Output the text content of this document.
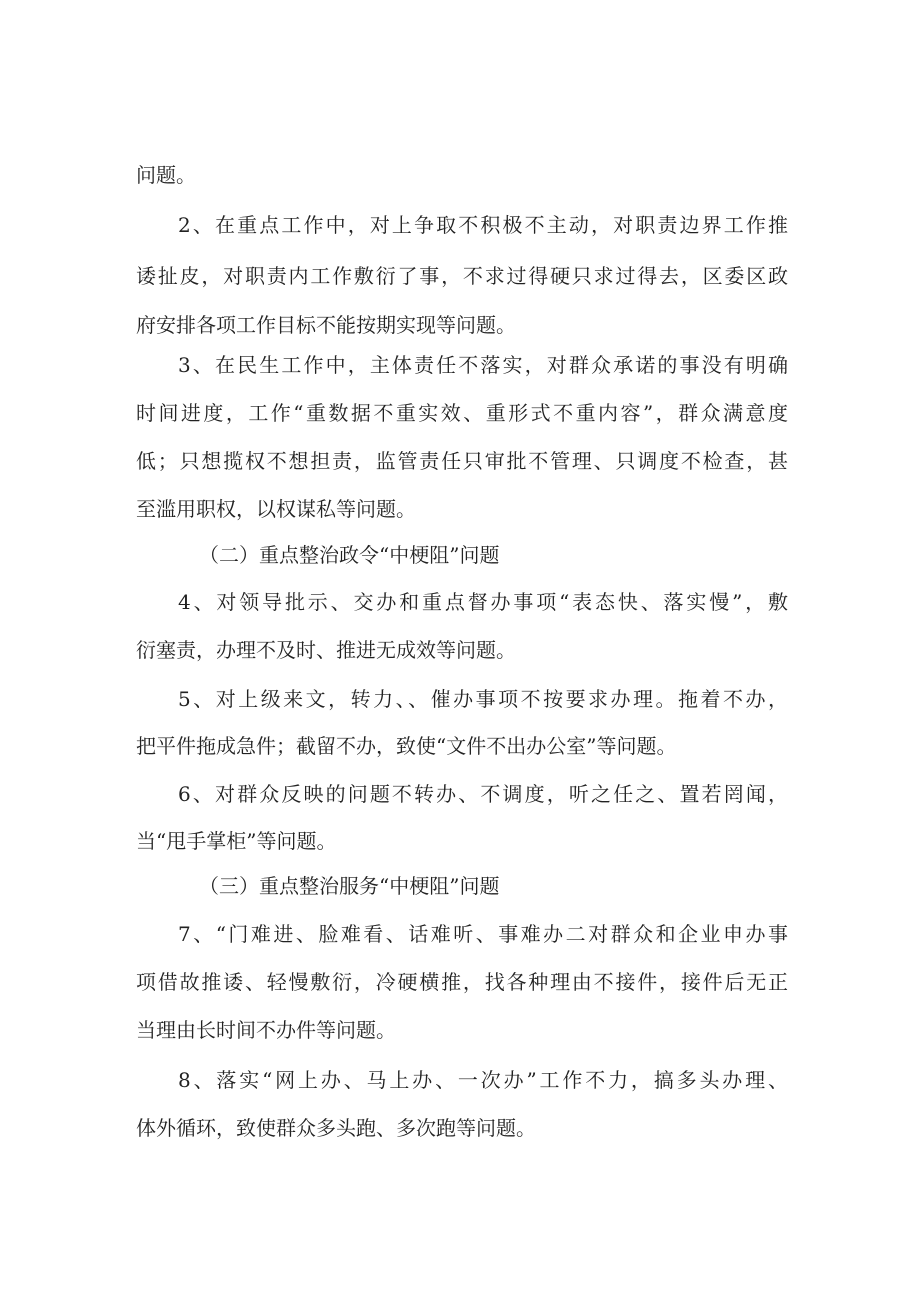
问题。
2、在重点工作中，对上争取不积极不主动，对职责边界工作推
诿扯皮，对职责内工作敷衍了事，不求过得硬只求过得去，区委区政
府安排各项工作目标不能按期实现等问题。
3、在民生工作中，主体责任不落实，对群众承诺的事没有明确
时间进度，工作“重数据不重实效、重形式不重内容”，群众满意度
低；只想揽权不想担责，监管责任只审批不管理、只调度不检查，甚
至滥用职权，以权谋私等问题。
（二）重点整治政令“中梗阻”问题
4、对领导批示、交办和重点督办事项“表态快、落实慢”，敷
衍塞责，办理不及时、推进无成效等问题。
5、对上级来文，转力、、催办事项不按要求办理。拖着不办，
把平件拖成急件；截留不办，致使“文件不出办公室”等问题。
6、对群众反映的问题不转办、不调度，听之任之、置若罔闻，
当“甩手掌柜”等问题。
（三）重点整治服务“中梗阻”问题
7、“门难进、脸难看、话难听、事难办二对群众和企业申办事
项借故推诿、轻慢敷衍，冷硬横推，找各种理由不接件，接件后无正
当理由长时间不办件等问题。
8、落实“网上办、马上办、一次办”工作不力，搞多头办理、
体外循环，致使群众多头跑、多次跑等问题。
